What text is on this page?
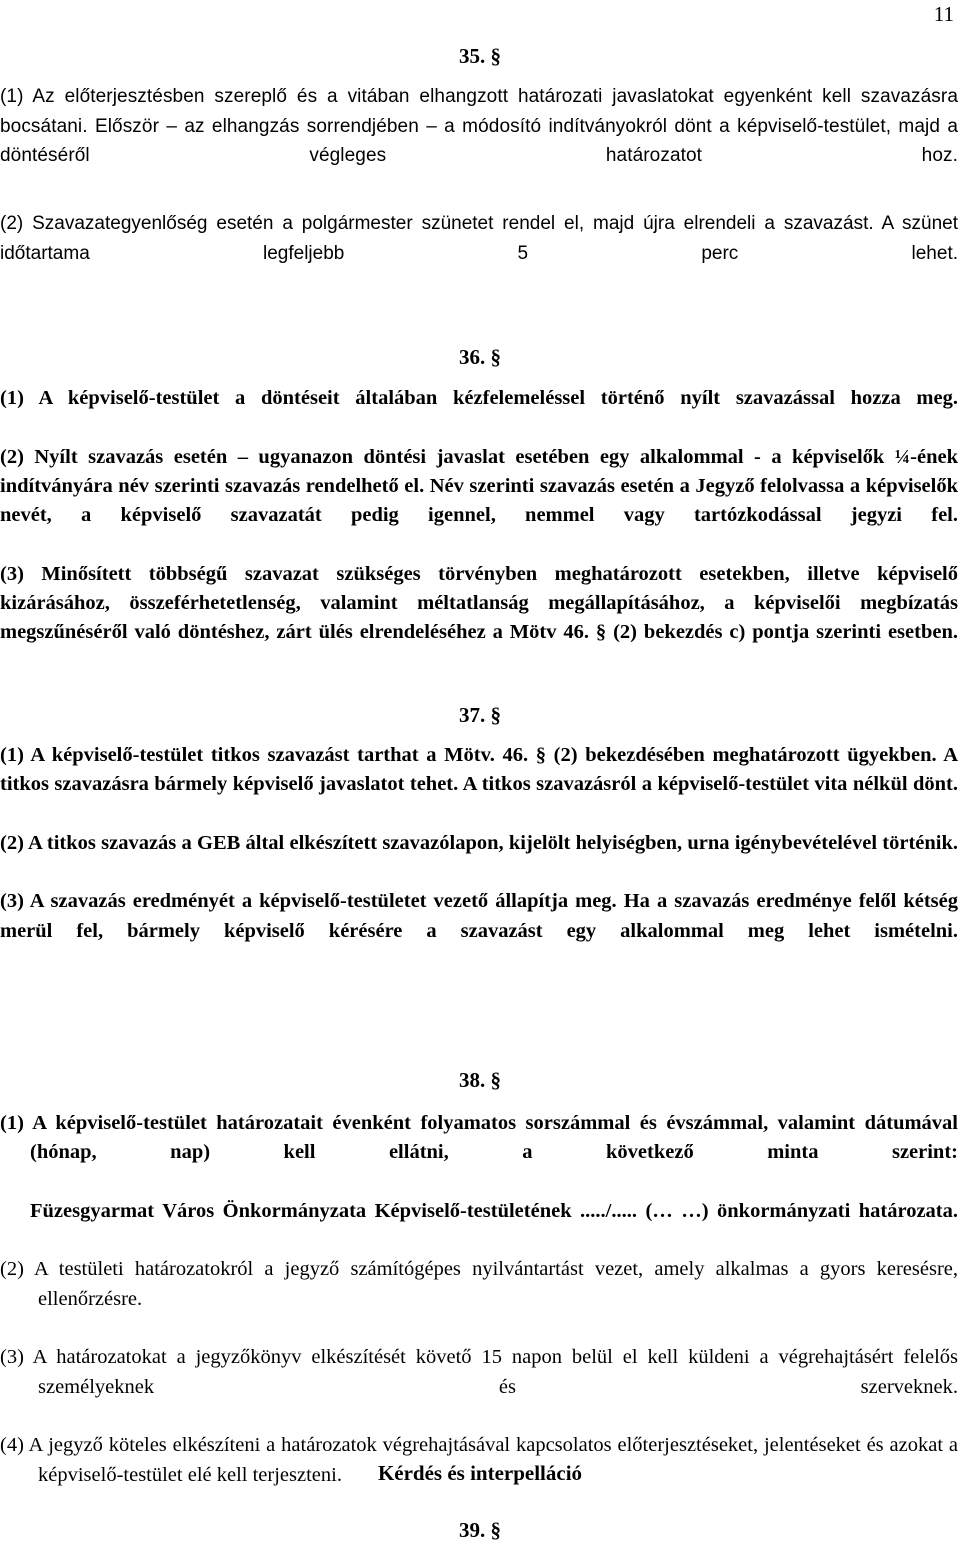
11
35. §

(1) Az előterjesztésben szereplő és a vitában elhangzott határozati javaslatokat egyenként kell szavazásra bocsátani. Először – az elhangzás sorrendjében – a módosító indítványokról dönt a képviselő-testület, majd a döntéséről végleges határozatot hoz.

(2) Szavazategyenlőség esetén a polgármester szünetet rendel el, majd újra elrendeli a szavazást. A szünet időtartama legfeljebb 5 perc lehet.

36. §

(1) A képviselő-testület a döntéseit általában kézfelemeléssel történő nyílt szavazással hozza meg.

(2) Nyílt szavazás esetén – ugyanazon döntési javaslat esetében egy alkalommal - a képviselők ¼-ének indítványára név szerinti szavazás rendelhető el. Név szerinti szavazás esetén a Jegyző felolvassa a képviselők nevét, a képviselő szavazatát pedig igennel, nemmel vagy tartózkodással jegyzi fel.

(3) Minősített többségű szavazat szükséges törvényben meghatározott esetekben, illetve képviselő kizárásához, összeférhetetlenség, valamint méltatlanság megállapításához, a képviselői megbízatás megszűnéséről való döntéshez, zárt ülés elrendeléséhez a Mötv 46. § (2) bekezdés c) pontja szerinti esetben.

37. §

(1) A képviselő-testület titkos szavazást tarthat a Mötv. 46. § (2) bekezdésében meghatározott ügyekben. A titkos szavazásra bármely képviselő javaslatot tehet. A titkos szavazásról a képviselő-testület vita nélkül dönt.

(2) A titkos szavazás a GEB által elkészített szavazólapon, kijelölt helyiségben, urna igénybevételével történik.

(3) A szavazás eredményét a képviselő-testületet vezető állapítja meg. Ha a szavazás eredménye felől kétség merül fel, bármely képviselő kérésére a szavazást egy alkalommal meg lehet ismételni.

38. §

(1) A képviselő-testület határozatait évenként folyamatos sorszámmal és évszámmal, valamint dátumával (hónap, nap) kell ellátni, a következő minta szerint:

Füzesgyarmat Város Önkormányzata Képviselő-testületének ...../..... (… …) önkormányzati határozata.

(2) A testületi határozatokról a jegyző számítógépes nyilvántartást vezet, amely alkalmas a gyors keresésre, ellenőrzésre.

(3) A határozatokat a jegyzőkönyv elkészítését követő 15 napon belül el kell küldeni a végrehajtásért felelős személyeknek és szerveknek.

(4) A jegyző köteles elkészíteni a határozatok végrehajtásával kapcsolatos előterjesztéseket, jelentéseket és azokat a képviselő-testület elé kell terjeszteni.	Kérdés és interpelláció
39. §
